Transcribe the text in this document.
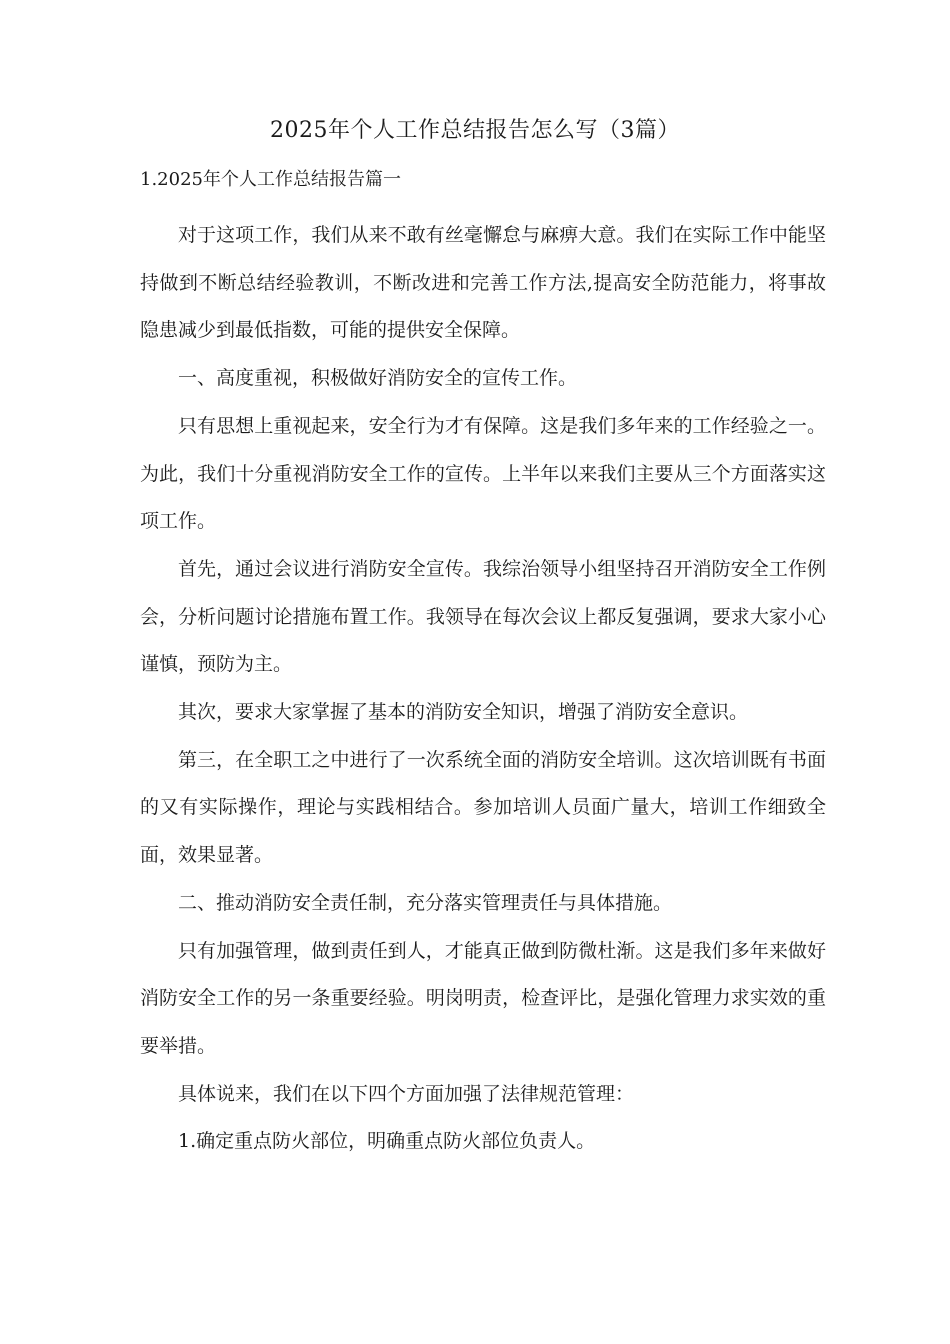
2025年个人工作总结报告怎么写（3篇）
1.2025年个人工作总结报告篇一

对于这项工作，我们从来不敢有丝毫懈怠与麻痹大意。我们在实际工作中能坚持做到不断总结经验教训，不断改进和完善工作方法,提高安全防范能力，将事故隐患减少到最低指数，可能的提供安全保障。

一、高度重视，积极做好消防安全的宣传工作。

只有思想上重视起来，安全行为才有保障。这是我们多年来的工作经验之一。为此，我们十分重视消防安全工作的宣传。上半年以来我们主要从三个方面落实这项工作。

首先，通过会议进行消防安全宣传。我综治领导小组坚持召开消防安全工作例会，分析问题讨论措施布置工作。我领导在每次会议上都反复强调，要求大家小心谨慎，预防为主。

其次，要求大家掌握了基本的消防安全知识，增强了消防安全意识。

第三，在全职工之中进行了一次系统全面的消防安全培训。这次培训既有书面的又有实际操作，理论与实践相结合。参加培训人员面广量大，培训工作细致全面，效果显著。

二、推动消防安全责任制，充分落实管理责任与具体措施。

只有加强管理，做到责任到人，才能真正做到防微杜渐。这是我们多年来做好消防安全工作的另一条重要经验。明岗明责，检查评比，是强化管理力求实效的重要举措。

具体说来，我们在以下四个方面加强了法律规范管理：

1.确定重点防火部位，明确重点防火部位负责人。
